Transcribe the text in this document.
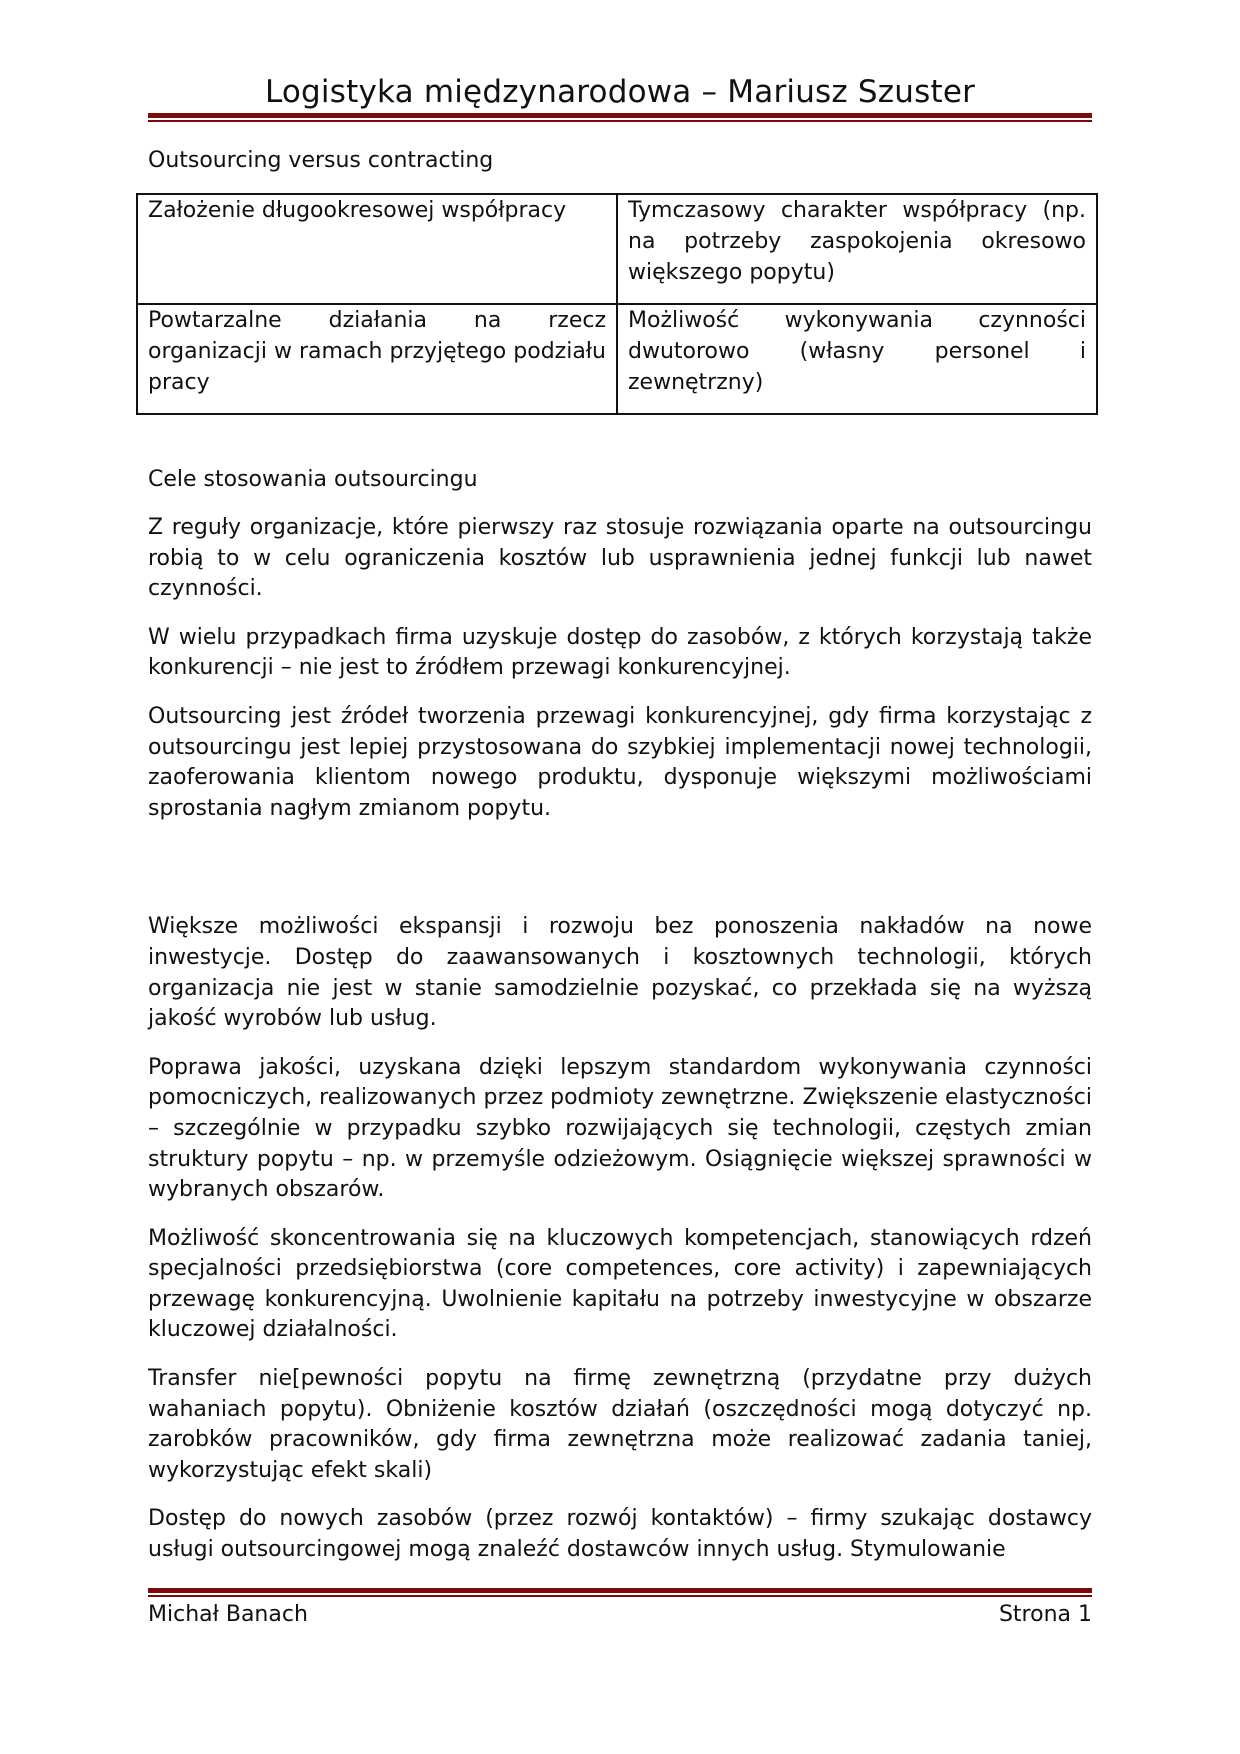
Logistyka międzynarodowa – Mariusz Szuster
Outsourcing versus contracting
Założenie długookresowej współpracy	Tymczasowy charakter współpracy (np. na potrzeby zaspokojenia okresowo większego popytu)
Powtarzalne działania na rzecz organizacji w ramach przyjętego podziału pracy	Możliwość wykonywania czynności dwutorowo (własny personel i zewnętrzny)
Cele stosowania outsourcingu

Z reguły organizacje, które pierwszy raz stosuje rozwiązania oparte na outsourcingu robią to w celu ograniczenia kosztów lub usprawnienia jednej funkcji lub nawet czynności.

W wielu przypadkach firma uzyskuje dostęp do zasobów, z których korzystają także konkurencji – nie jest to źródłem przewagi konkurencyjnej.

Outsourcing jest źródeł tworzenia przewagi konkurencyjnej, gdy firma korzystając z outsourcingu jest lepiej przystosowana do szybkiej implementacji nowej technologii, zaoferowania klientom nowego produktu, dysponuje większymi możliwościami sprostania nagłym zmianom popytu.

Większe możliwości ekspansji i rozwoju bez ponoszenia nakładów na nowe inwestycje. Dostęp do zaawansowanych i kosztownych technologii, których organizacja nie jest w stanie samodzielnie pozyskać, co przekłada się na wyższą jakość wyrobów lub usług.

Poprawa jakości, uzyskana dzięki lepszym standardom wykonywania czynności pomocniczych, realizowanych przez podmioty zewnętrzne. Zwiększenie elastyczności – szczególnie w przypadku szybko rozwijających się technologii, częstych zmian struktury popytu – np. w przemyśle odzieżowym. Osiągnięcie większej sprawności w wybranych obszarów.

Możliwość skoncentrowania się na kluczowych kompetencjach, stanowiących rdzeń specjalności przedsiębiorstwa (core competences, core activity) i zapewniających przewagę konkurencyjną. Uwolnienie kapitału na potrzeby inwestycyjne w obszarze kluczowej działalności.

Transfer nie[pewności popytu na firmę zewnętrzną (przydatne przy dużych wahaniach popytu). Obniżenie kosztów działań (oszczędności mogą dotyczyć np. zarobków pracowników, gdy firma zewnętrzna może realizować zadania taniej, wykorzystując efekt skali)

Dostęp do nowych zasobów (przez rozwój kontaktów) – firmy szukając dostawcy usługi outsourcingowej mogą znaleźć dostawców innych usług. Stymulowanie

Michał Banach	Strona 1
